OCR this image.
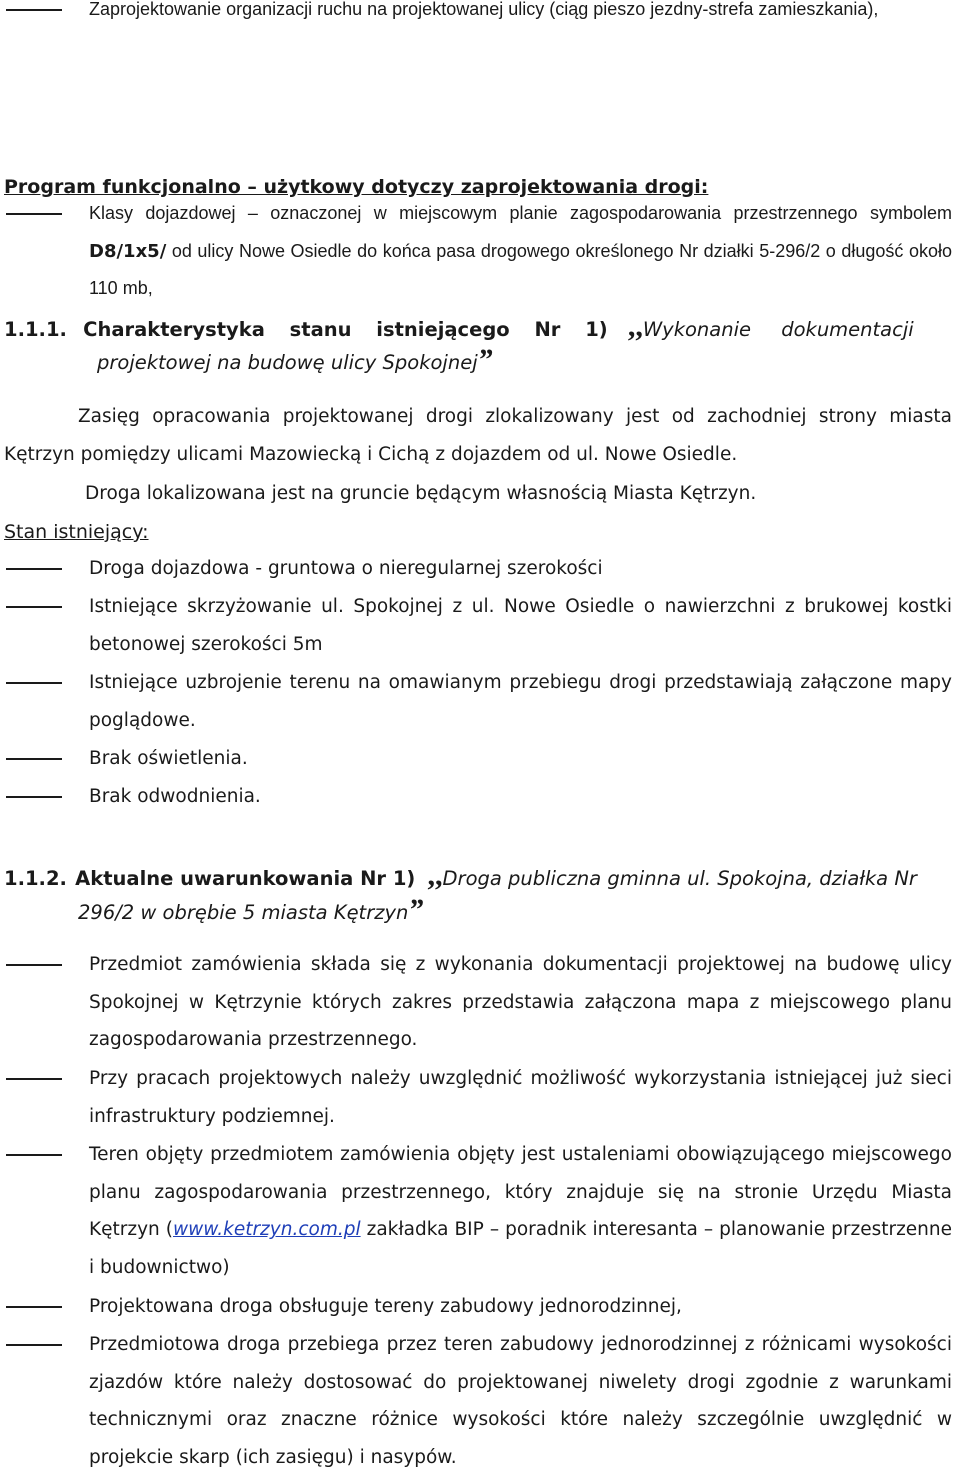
Zaprojektowanie organizacji ruchu na projektowanej ulicy (ciąg pieszo jezdny-strefa zamieszkania),
Program funkcjonalno – użytkowy dotyczy zaprojektowania drogi:
Klasy dojazdowej – oznaczonej w miejscowym planie zagospodarowania przestrzennego symbolem D8/1x5/ od ulicy Nowe Osiedle do końca pasa drogowego określonego Nr działki 5-296/2 o długość około 110 mb,
1.1.1. Charakterystyka stanu istniejącego Nr 1) ,,Wykonanie dokumentacji
projektowej na budowę ulicy Spokojnej”
Zasięg opracowania projektowanej drogi zlokalizowany jest od zachodniej strony miasta Kętrzyn pomiędzy ulicami Mazowiecką i Cichą z dojazdem od ul. Nowe Osiedle.
Droga lokalizowana jest na gruncie będącym własnością Miasta Kętrzyn.
Stan istniejący:
Droga dojazdowa - gruntowa o nieregularnej szerokości
Istniejące skrzyżowanie ul. Spokojnej z ul. Nowe Osiedle o nawierzchni z brukowej kostki betonowej szerokości 5m
Istniejące uzbrojenie terenu na omawianym przebiegu drogi przedstawiają załączone mapy poglądowe.
Brak oświetlenia.
Brak odwodnienia.
1.1.2. Aktualne uwarunkowania Nr 1) ,,Droga publiczna gminna ul. Spokojna, działka Nr
296/2 w obrębie 5 miasta Kętrzyn”
Przedmiot zamówienia składa się z wykonania dokumentacji projektowej na budowę ulicy Spokojnej w Kętrzynie których zakres przedstawia załączona mapa z miejscowego planu zagospodarowania przestrzennego.
Przy pracach projektowych należy uwzględnić możliwość wykorzystania istniejącej już sieci infrastruktury podziemnej.
Teren objęty przedmiotem zamówienia objęty jest ustaleniami obowiązującego miejscowego planu zagospodarowania przestrzennego, który znajduje się na stronie Urzędu Miasta Kętrzyn (www.ketrzyn.com.pl zakładka BIP – poradnik interesanta – planowanie przestrzenne i budownictwo)
Projektowana droga obsługuje tereny zabudowy jednorodzinnej,
Przedmiotowa droga przebiega przez teren zabudowy jednorodzinnej z różnicami wysokości zjazdów które należy dostosować do projektowanej niwelety drogi zgodnie z warunkami technicznymi oraz znaczne różnice wysokości które należy szczególnie uwzględnić w projekcie skarp (ich zasięgu) i nasypów.
